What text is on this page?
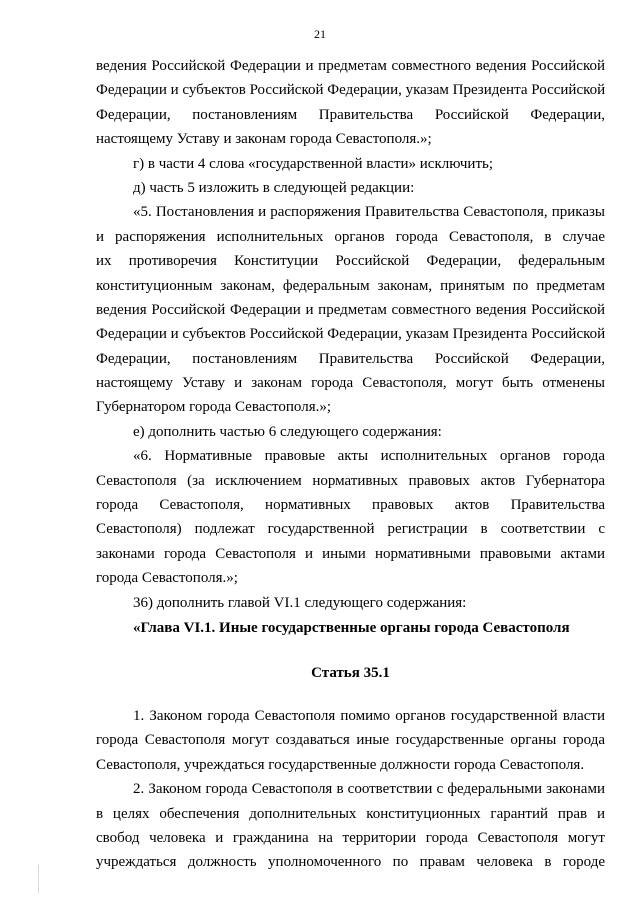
21
ведения Российской Федерации и предметам совместного ведения Российской
Федерации и субъектов Российской Федерации, указам Президента Российской
Федерации, постановлениям Правительства Российской Федерации,
настоящему Уставу и законам города Севастополя.»;
г) в части 4 слова «государственной власти» исключить;
д) часть 5 изложить в следующей редакции:
«5. Постановления и распоряжения Правительства Севастополя, приказы
и распоряжения исполнительных органов города Севастополя, в случае
их противоречия Конституции Российской Федерации, федеральным
конституционным законам, федеральным законам, принятым по предметам
ведения Российской Федерации и предметам совместного ведения Российской
Федерации и субъектов Российской Федерации, указам Президента Российской
Федерации, постановлениям Правительства Российской Федерации,
настоящему Уставу и законам города Севастополя, могут быть отменены
Губернатором города Севастополя.»;
е) дополнить частью 6 следующего содержания:
«6. Нормативные правовые акты исполнительных органов города
Севастополя (за исключением нормативных правовых актов Губернатора
города Севастополя, нормативных правовых актов Правительства
Севастополя) подлежат государственной регистрации в соответствии с
законами города Севастополя и иными нормативными правовыми актами
города Севастополя.»;
36) дополнить главой VI.1 следующего содержания:
«Глава VI.1. Иные государственные органы города Севастополя
Статья 35.1
1. Законом города Севастополя помимо органов государственной власти
города Севастополя могут создаваться иные государственные органы города
Севастополя, учреждаться государственные должности города Севастополя.
2. Законом города Севастополя в соответствии с федеральными законами
в целях обеспечения дополнительных конституционных гарантий прав и
свобод человека и гражданина на территории города Севастополя могут
учреждаться должность уполномоченного по правам человека в городе
